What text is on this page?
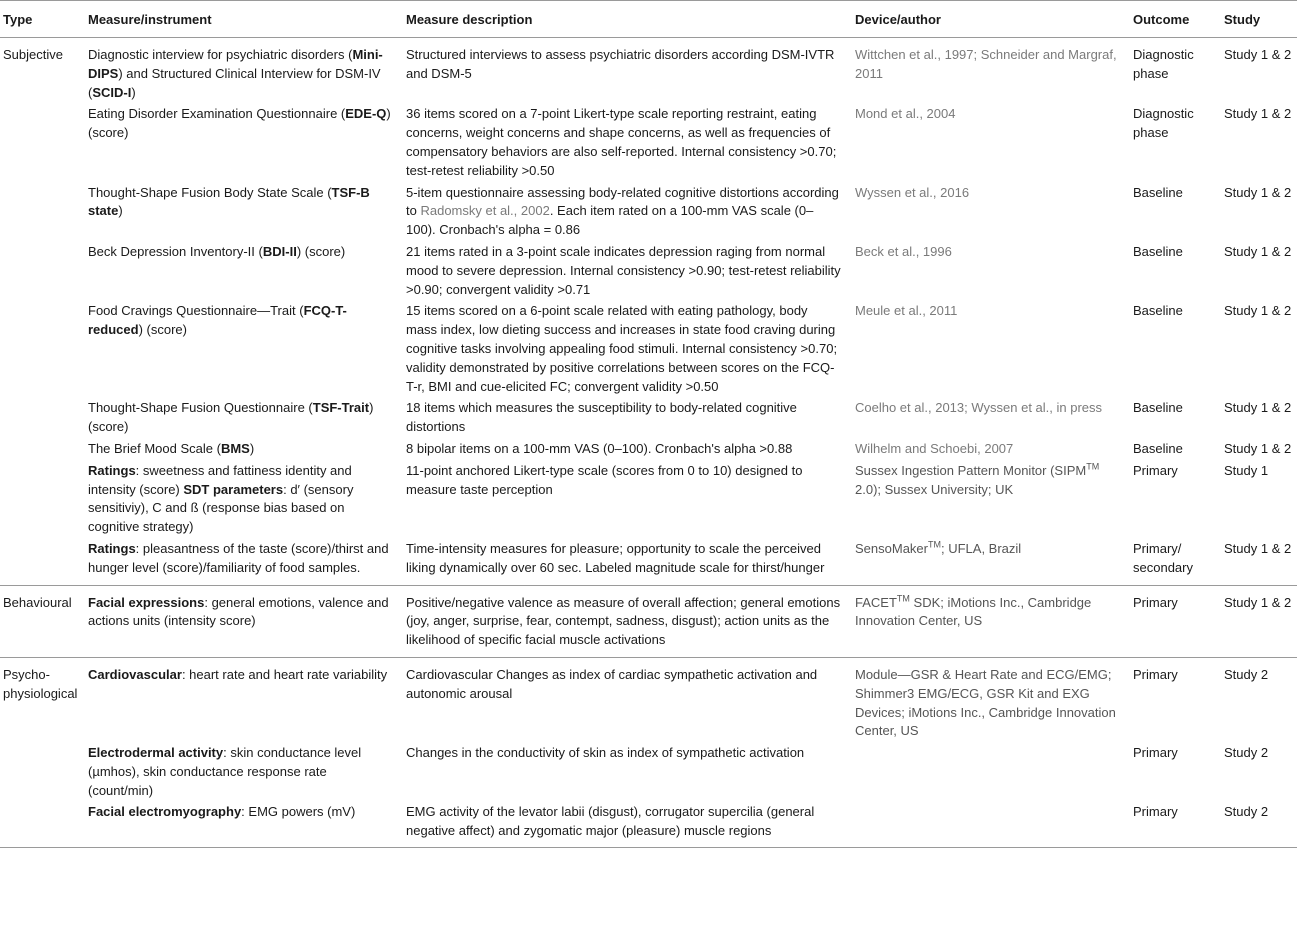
Type	Measure/instrument	Measure description	Device/author	Outcome	Study
Subjective	Diagnostic interview for psychiatric disorders (Mini-DIPS) and Structured Clinical Interview for DSM-IV (SCID-I)	Structured interviews to assess psychiatric disorders according DSM-IVTR and DSM-5	Wittchen et al., 1997; Schneider and Margraf, 2011	Diagnostic phase	Study 1 & 2
	Eating Disorder Examination Questionnaire (EDE-Q) (score)	36 items scored on a 7-point Likert-type scale reporting restraint, eating concerns, weight concerns and shape concerns, as well as frequencies of compensatory behaviors are also self-reported. Internal consistency >0.70; test-retest reliability >0.50	Mond et al., 2004	Diagnostic phase	Study 1 & 2
	Thought-Shape Fusion Body State Scale (TSF-B state)	5-item questionnaire assessing body-related cognitive distortions according to Radomsky et al., 2002. Each item rated on a 100-mm VAS scale (0–100). Cronbach's alpha = 0.86	Wyssen et al., 2016	Baseline	Study 1 & 2
	Beck Depression Inventory-II (BDI-II) (score)	21 items rated in a 3-point scale indicates depression raging from normal mood to severe depression. Internal consistency >0.90; test-retest reliability >0.90; convergent validity >0.71	Beck et al., 1996	Baseline	Study 1 & 2
	Food Cravings Questionnaire—Trait (FCQ-T-reduced) (score)	15 items scored on a 6-point scale related with eating pathology, body mass index, low dieting success and increases in state food craving during cognitive tasks involving appealing food stimuli. Internal consistency >0.70; validity demonstrated by positive correlations between scores on the FCQ-T-r, BMI and cue-elicited FC; convergent validity >0.50	Meule et al., 2011	Baseline	Study 1 & 2
	Thought-Shape Fusion Questionnaire (TSF-Trait) (score)	18 items which measures the susceptibility to body-related cognitive distortions	Coelho et al., 2013; Wyssen et al., in press	Baseline	Study 1 & 2
	The Brief Mood Scale (BMS)	8 bipolar items on a 100-mm VAS (0–100). Cronbach's alpha >0.88	Wilhelm and Schoebi, 2007	Baseline	Study 1 & 2
	Ratings: sweetness and fattiness identity and intensity (score) SDT parameters: d′ (sensory sensitiviy), C and ß (response bias based on cognitive strategy)	11-point anchored Likert-type scale (scores from 0 to 10) designed to measure taste perception	Sussex Ingestion Pattern Monitor (SIPM™ 2.0); Sussex University; UK	Primary	Study 1
	Ratings: pleasantness of the taste (score)/thirst and hunger level (score)/familiarity of food samples.	Time-intensity measures for pleasure; opportunity to scale the perceived liking dynamically over 60 sec. Labeled magnitude scale for thirst/hunger	SensoMaker™; UFLA, Brazil	Primary/ secondary	Study 1 & 2
Behavioural	Facial expressions: general emotions, valence and actions units (intensity score)	Positive/negative valence as measure of overall affection; general emotions (joy, anger, surprise, fear, contempt, sadness, disgust); action units as the likelihood of specific facial muscle activations	FACET™ SDK; iMotions Inc., Cambridge Innovation Center, US	Primary	Study 1 & 2
Psycho-physiological	Cardiovascular: heart rate and heart rate variability	Cardiovascular Changes as index of cardiac sympathetic activation and autonomic arousal	Module—GSR & Heart Rate and ECG/EMG; Shimmer3 EMG/ECG, GSR Kit and EXG Devices; iMotions Inc., Cambridge Innovation Center, US	Primary	Study 2
	Electrodermal activity: skin conductance level (µmhos), skin conductance response rate (count/min)	Changes in the conductivity of skin as index of sympathetic activation		Primary	Study 2
	Facial electromyography: EMG powers (mV)	EMG activity of the levator labii (disgust), corrugator supercilia (general negative affect) and zygomatic major (pleasure) muscle regions		Primary	Study 2
